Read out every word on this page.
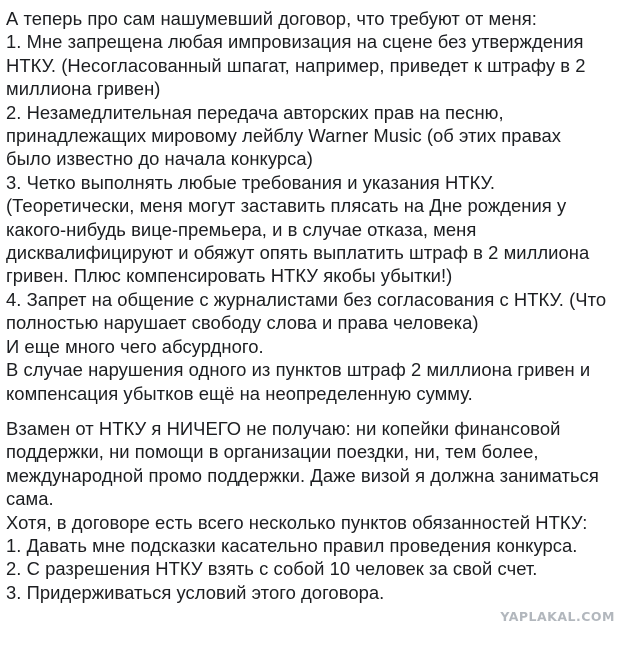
А теперь про сам нашумевший договор, что требуют от меня:
1. Мне запрещена любая импровизация на сцене без утверждения
НТКУ. (Несогласованный шпагат, например, приведет к штрафу в 2
миллиона гривен)
2. Незамедлительная передача авторских прав на песню,
принадлежащих мировому лейблу Warner Music (об этих правах
было известно до начала конкурса)
3. Четко выполнять любые требования и указания НТКУ.
(Теоретически, меня могут заставить плясать на Дне рождения у
какого-нибудь вице-премьера, и в случае отказа, меня
дисквалифицируют и обяжут опять выплатить штраф в 2 миллиона
гривен. Плюс компенсировать НТКУ якобы убытки!)
4. Запрет на общение с журналистами без согласования с НТКУ. (Что
полностью нарушает свободу слова и права человека)
И еще много чего абсурдного.
В случае нарушения одного из пунктов штраф 2 миллиона гривен и
компенсация убытков ещё на неопределенную сумму.

Взамен от НТКУ я НИЧЕГО не получаю: ни копейки финансовой
поддержки, ни помощи в организации поездки, ни, тем более,
международной промо поддержки. Даже визой я должна заниматься
сама.
Хотя, в договоре есть всего несколько пунктов обязанностей НТКУ:
1. Давать мне подсказки касательно правил проведения конкурса.
2. С разрешения НТКУ взять с собой 10 человек за свой счет.
3. Придерживаться условий этого договора.

YAPLAKAL.COM
